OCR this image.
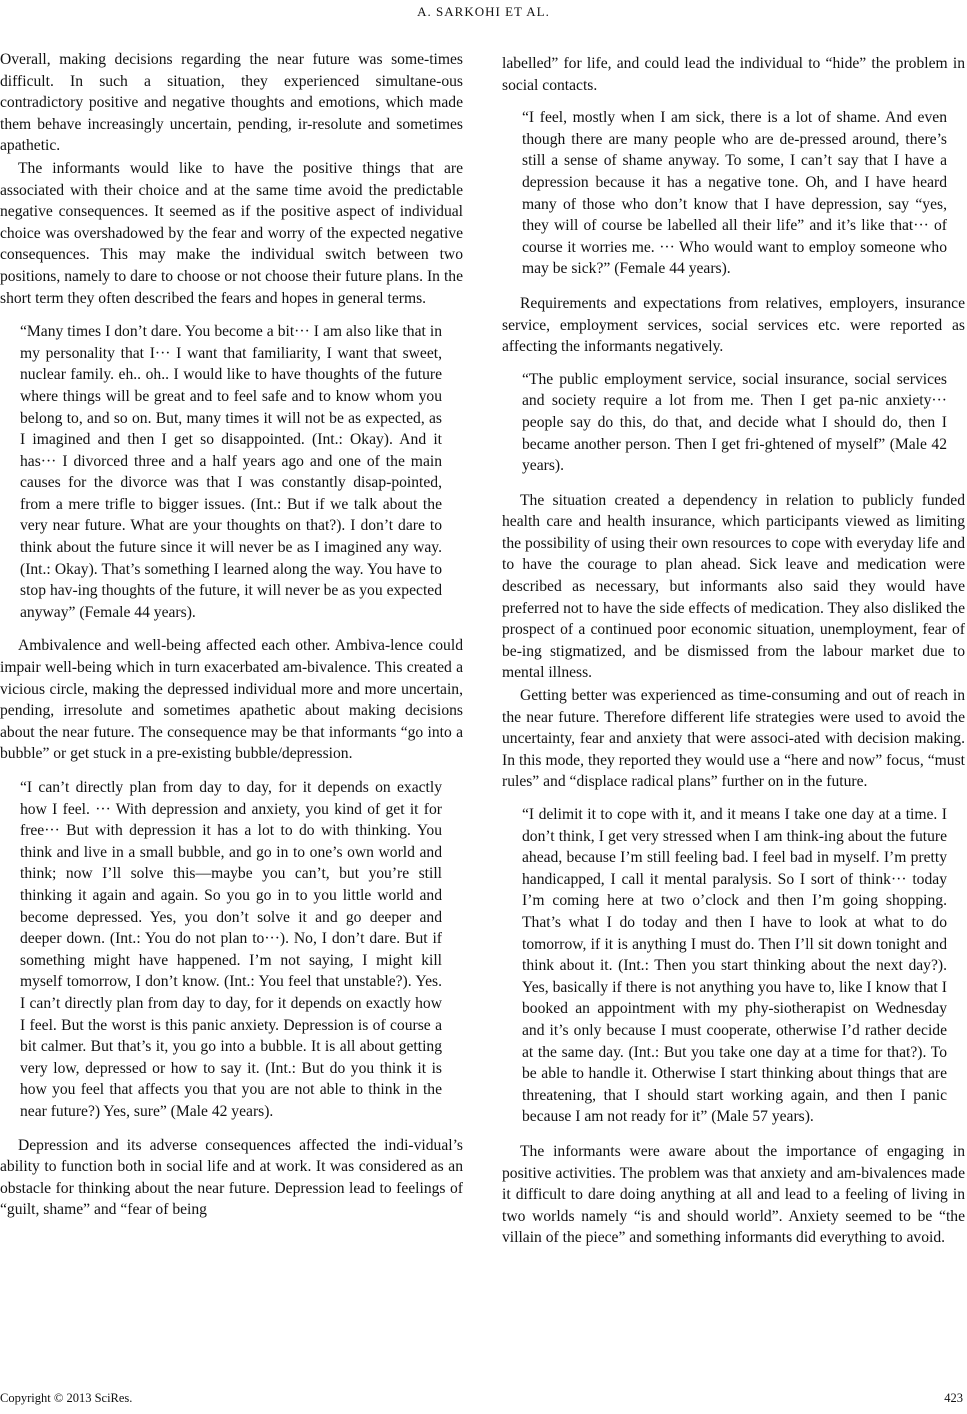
A. SARKOHI ET AL.

Overall, making decisions regarding the near future was some-times difficult. In such a situation, they experienced simultane-ous contradictory positive and negative thoughts and emotions, which made them behave increasingly uncertain, pending, ir-resolute and sometimes apathetic.

The informants would like to have the positive things that are associated with their choice and at the same time avoid the predictable negative consequences. It seemed as if the positive aspect of individual choice was overshadowed by the fear and worry of the expected negative consequences. This may make the individual switch between two positions, namely to dare to choose or not choose their future plans. In the short term they often described the fears and hopes in general terms.

“Many times I don’t dare. You become a bit··· I am also like that in my personality that I··· I want that familiarity, I want that sweet, nuclear family. eh.. oh.. I would like to have thoughts of the future where things will be great and to feel safe and to know whom you belong to, and so on. But, many times it will not be as expected, as I imagined and then I get so disappointed. (Int.: Okay). And it has··· I divorced three and a half years ago and one of the main causes for the divorce was that I was constantly disap-pointed, from a mere trifle to bigger issues. (Int.: But if we talk about the very near future. What are your thoughts on that?). I don’t dare to think about the future since it will never be as I imagined any way. (Int.: Okay). That’s something I learned along the way. You have to stop hav-ing thoughts of the future, it will never be as you expected anyway” (Female 44 years).

Ambivalence and well-being affected each other. Ambiva-lence could impair well-being which in turn exacerbated am-bivalence. This created a vicious circle, making the depressed individual more and more uncertain, pending, irresolute and sometimes apathetic about making decisions about the near future. The consequence may be that informants “go into a bubble” or get stuck in a pre-existing bubble/depression.

“I can’t directly plan from day to day, for it depends on exactly how I feel. ··· With depression and anxiety, you kind of get it for free··· But with depression it has a lot to do with thinking. You think and live in a small bubble, and go in to one’s own world and think; now I’ll solve this—maybe you can’t, but you’re still thinking it again and again. So you go in to you little world and become depressed. Yes, you don’t solve it and go deeper and deeper down. (Int.: You do not plan to···). No, I don’t dare. But if something might have happened. I’m not saying, I might kill myself tomorrow, I don’t know. (Int.: You feel that unstable?). Yes. I can’t directly plan from day to day, for it depends on exactly how I feel. But the worst is this panic anxiety. Depression is of course a bit calmer. But that’s it, you go into a bubble. It is all about getting very low, depressed or how to say it. (Int.: But do you think it is how you feel that affects you that you are not able to think in the near future?) Yes, sure” (Male 42 years).

Depression and its adverse consequences affected the indi-vidual’s ability to function both in social life and at work. It was considered as an obstacle for thinking about the near future. Depression lead to feelings of “guilt, shame” and “fear of being

labelled” for life, and could lead the individual to “hide” the problem in social contacts.

“I feel, mostly when I am sick, there is a lot of shame. And even though there are many people who are de-pressed around, there’s still a sense of shame anyway. To some, I can’t say that I have a depression because it has a negative tone. Oh, and I have heard many of those who don’t know that I have depression, say “yes, they will of course be labelled all their life” and it’s like that··· of course it worries me. ··· Who would want to employ someone who may be sick?” (Female 44 years).

Requirements and expectations from relatives, employers, insurance service, employment services, social services etc. were reported as affecting the informants negatively.

“The public employment service, social insurance, social services and society require a lot from me. Then I get pa-nic anxiety··· people say do this, do that, and decide what I should do, then I became another person. Then I get fri-ghtened of myself” (Male 42 years).

The situation created a dependency in relation to publicly funded health care and health insurance, which participants viewed as limiting the possibility of using their own resources to cope with everyday life and to have the courage to plan ahead. Sick leave and medication were described as necessary, but informants also said they would have preferred not to have the side effects of medication. They also disliked the prospect of a continued poor economic situation, unemployment, fear of be-ing stigmatized, and be dismissed from the labour market due to mental illness.

Getting better was experienced as time-consuming and out of reach in the near future. Therefore different life strategies were used to avoid the uncertainty, fear and anxiety that were associ-ated with decision making. In this mode, they reported they would use a “here and now” focus, “must rules” and “displace radical plans” further on in the future.

“I delimit it to cope with it, and it means I take one day at a time. I don’t think, I get very stressed when I am think-ing about the future ahead, because I’m still feeling bad. I feel bad in myself. I’m pretty handicapped, I call it mental paralysis. So I sort of think··· today I’m coming here at two o’clock and then I’m going shopping. That’s what I do today and then I have to look at what to do tomorrow, if it is anything I must do. Then I’ll sit down tonight and think about it. (Int.: Then you start thinking about the next day?). Yes, basically if there is not anything you have to, like I know that I booked an appointment with my phy-siotherapist on Wednesday and it’s only because I must cooperate, otherwise I’d rather decide at the same day. (Int.: But you take one day at a time for that?). To be able to handle it. Otherwise I start thinking about things that are threatening, that I should start working again, and then I panic because I am not ready for it” (Male 57 years).

The informants were aware about the importance of engaging in positive activities. The problem was that anxiety and am-bivalences made it difficult to dare doing anything at all and lead to a feeling of living in two worlds namely “is and should world”. Anxiety seemed to be “the villain of the piece” and something informants did everything to avoid.

Copyright © 2013 SciRes.	423
